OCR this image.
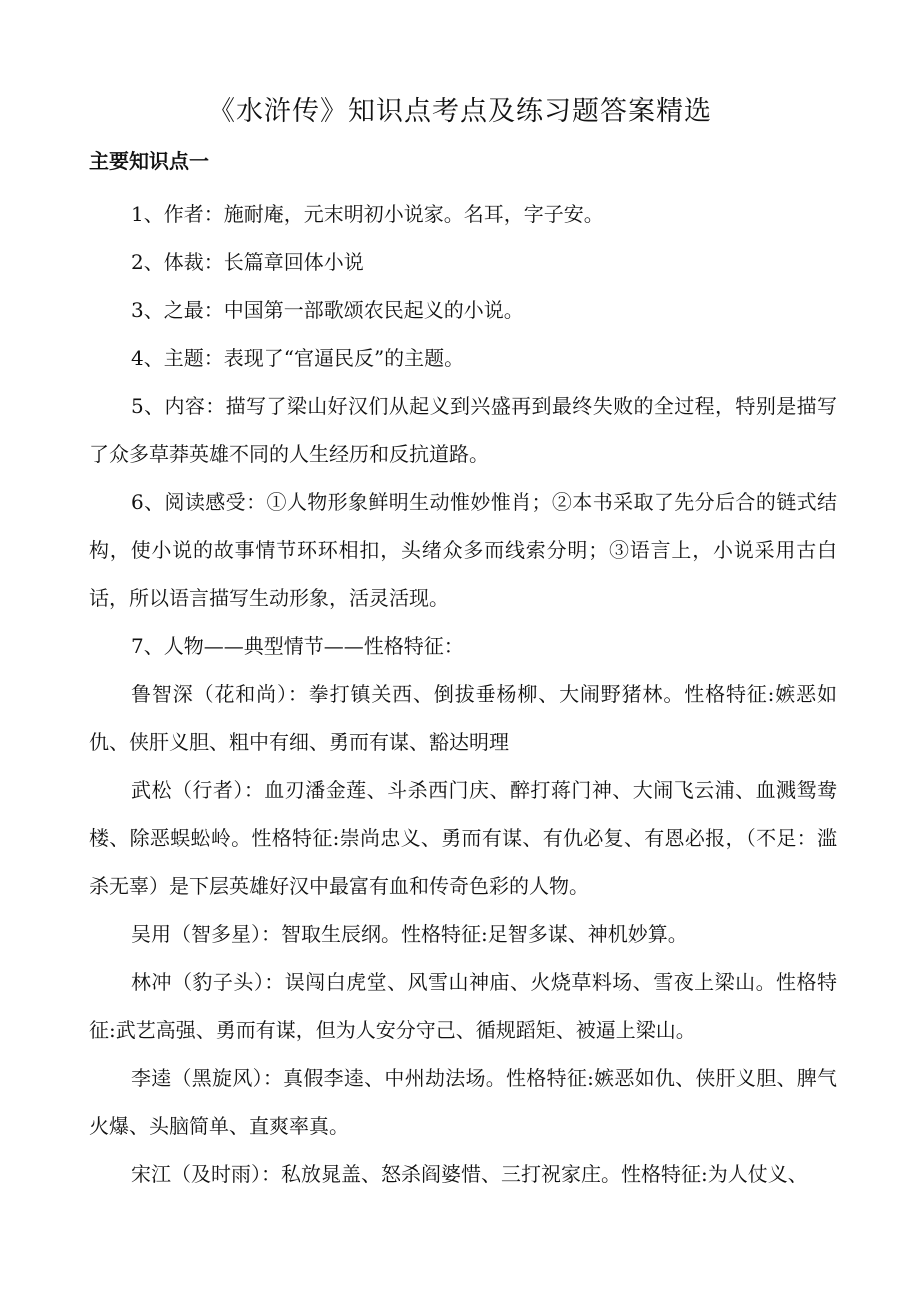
《水浒传》知识点考点及练习题答案精选
主要知识点一

1、作者：施耐庵，元末明初小说家。名耳，字子安。

2、体裁：长篇章回体小说

3、之最：中国第一部歌颂农民起义的小说。

4、主题：表现了“官逼民反”的主题。

5、内容：描写了梁山好汉们从起义到兴盛再到最终失败的全过程，特别是描写了众多草莽英雄不同的人生经历和反抗道路。

6、阅读感受：①人物形象鲜明生动惟妙惟肖；②本书采取了先分后合的链式结构，使小说的故事情节环环相扣，头绪众多而线索分明；③语言上，小说采用古白话，所以语言描写生动形象，活灵活现。

7、人物——典型情节——性格特征：

鲁智深（花和尚）：拳打镇关西、倒拔垂杨柳、大闹野猪林。性格特征:嫉恶如仇、侠肝义胆、粗中有细、勇而有谋、豁达明理

武松（行者）：血刃潘金莲、斗杀西门庆、醉打蒋门神、大闹飞云浦、血溅鸳鸯楼、除恶蜈蚣岭。性格特征:崇尚忠义、勇而有谋、有仇必复、有恩必报，（不足：滥杀无辜）是下层英雄好汉中最富有血和传奇色彩的人物。

吴用（智多星）：智取生辰纲。性格特征:足智多谋、神机妙算。

林冲（豹子头）：误闯白虎堂、风雪山神庙、火烧草料场、雪夜上梁山。性格特征:武艺高强、勇而有谋，但为人安分守己、循规蹈矩、被逼上梁山。

李逵（黑旋风）：真假李逵、中州劫法场。性格特征:嫉恶如仇、侠肝义胆、脾气火爆、头脑简单、直爽率真。

宋江（及时雨）：私放晁盖、怒杀阎婆惜、三打祝家庄。性格特征:为人仗义、
